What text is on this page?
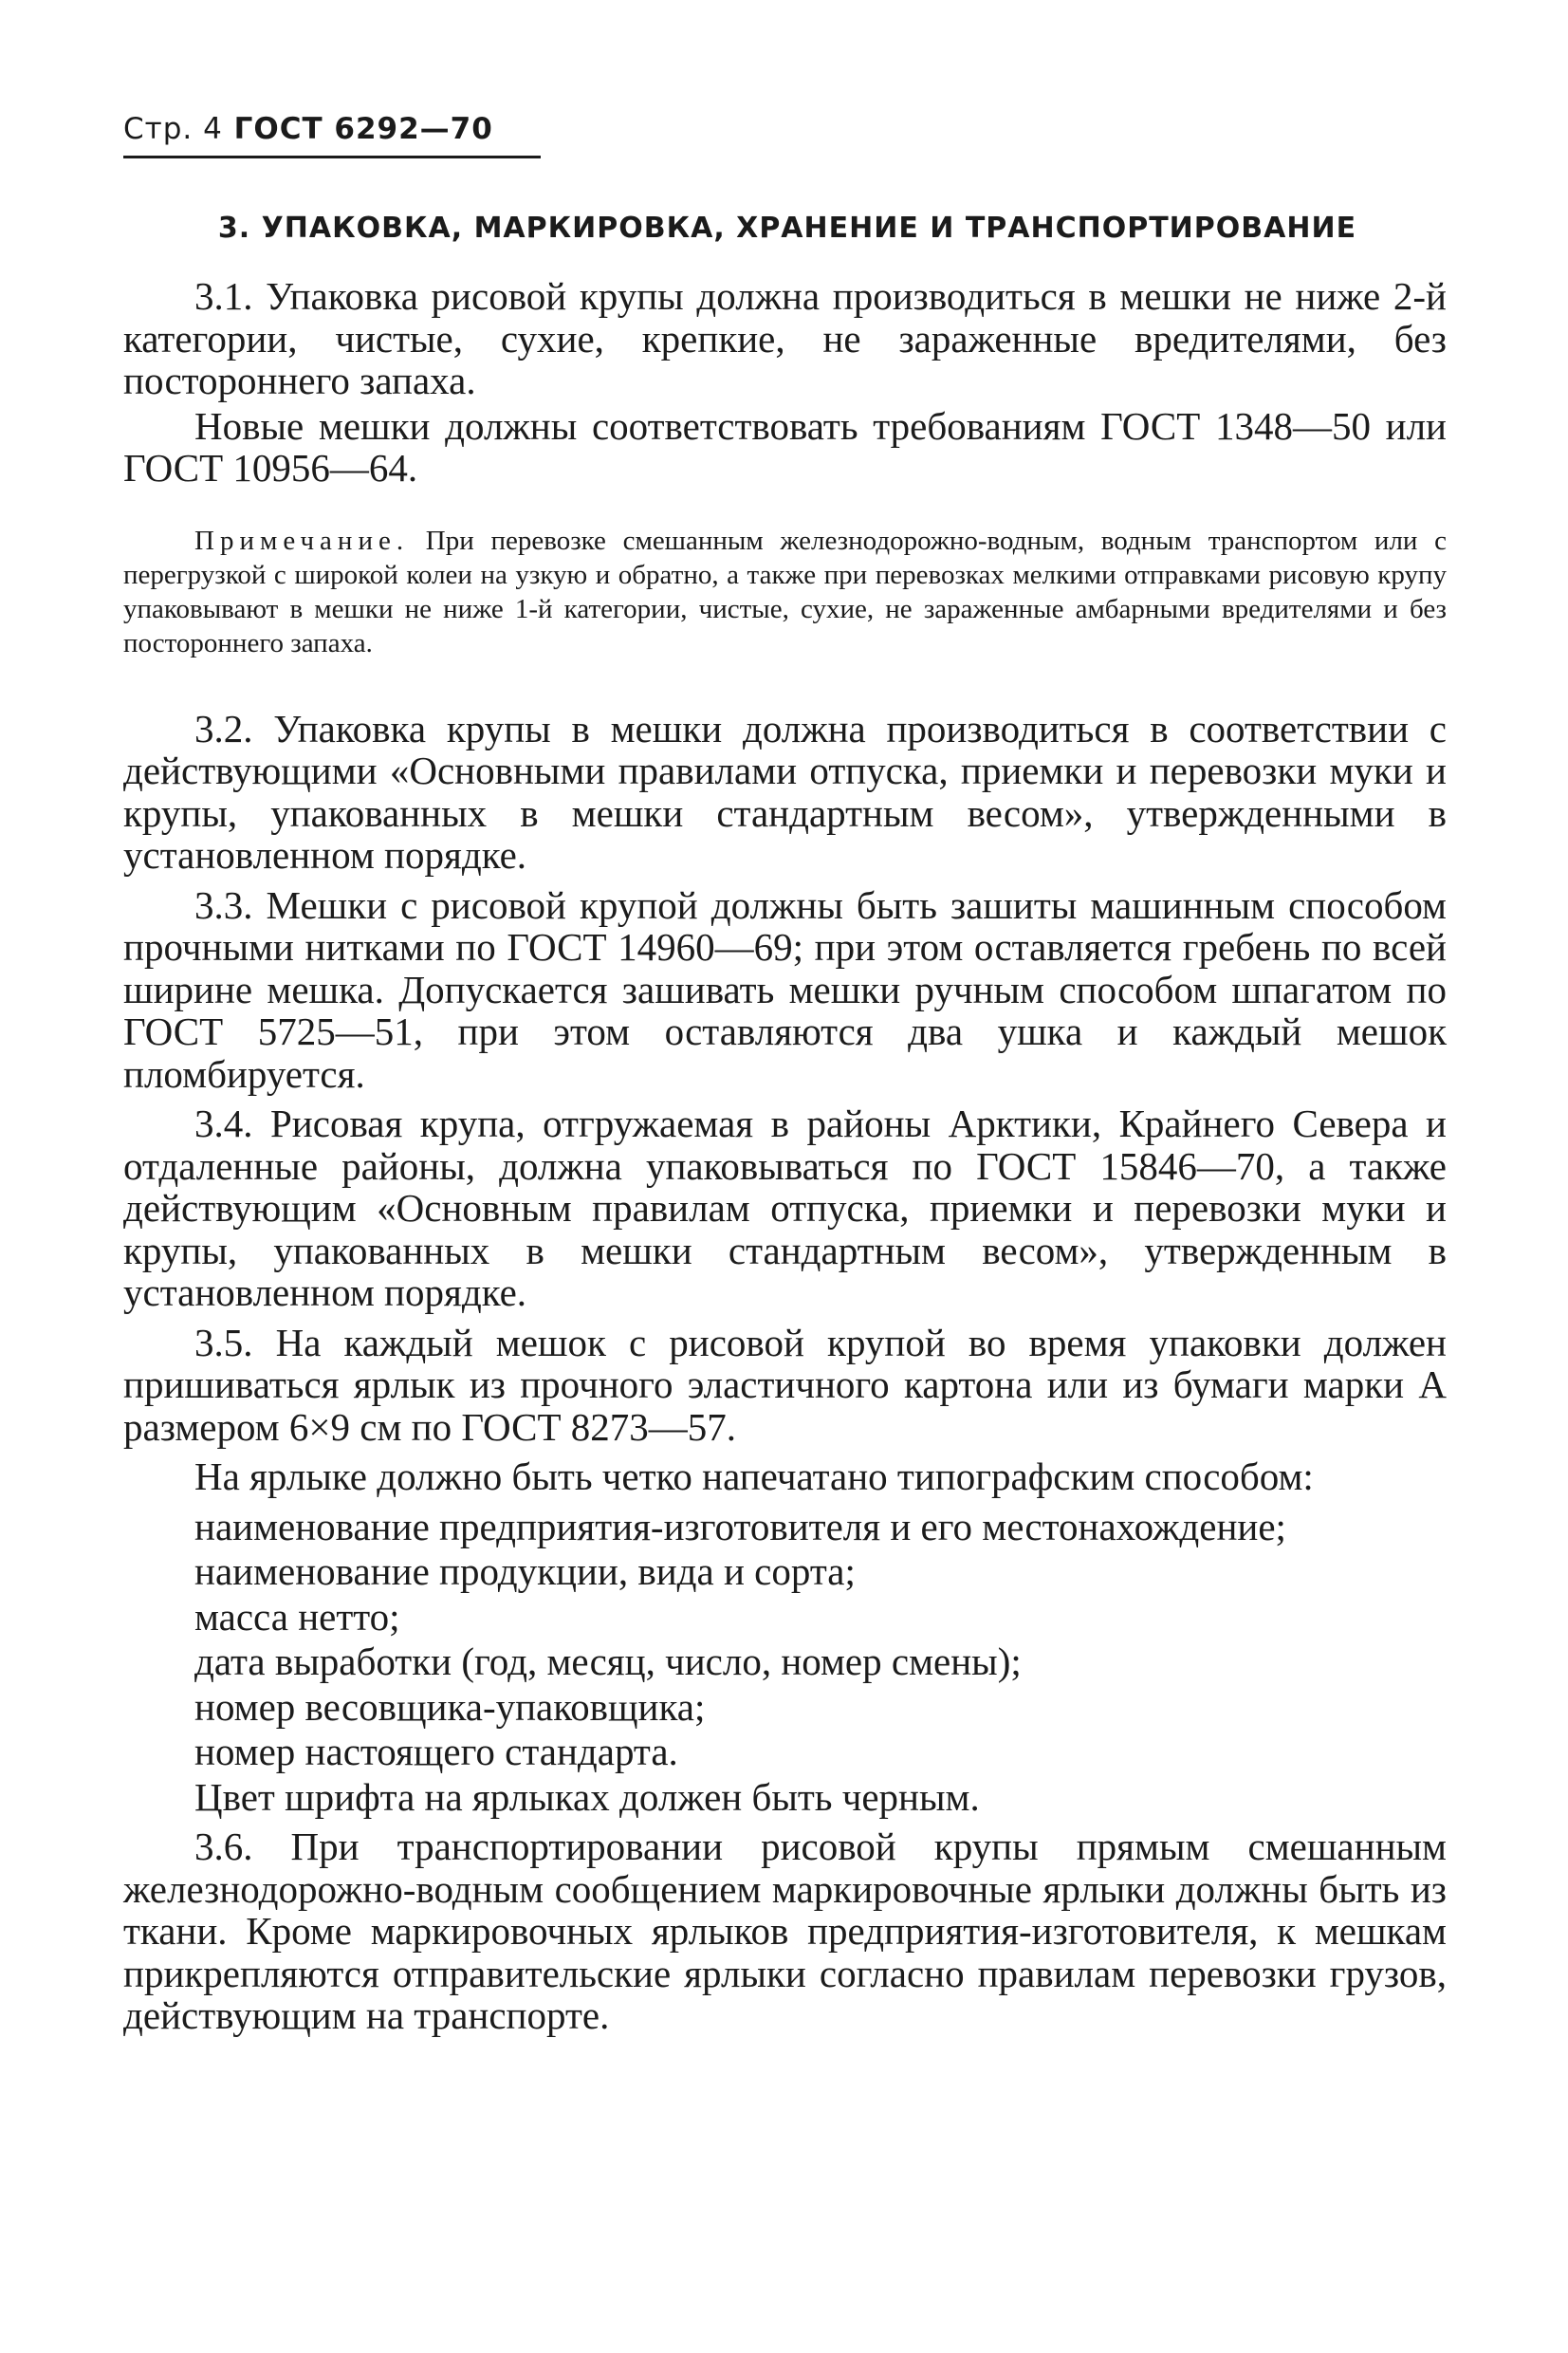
Стр. 4 ГОСТ 6292—70
3. УПАКОВКА, МАРКИРОВКА, ХРАНЕНИЕ И ТРАНСПОРТИРОВАНИЕ

3.1. Упаковка рисовой крупы должна производиться в мешки не ниже 2-й категории, чистые, сухие, крепкие, не зараженные вредителями, без постороннего запаха.

Новые мешки должны соответствовать требованиям ГОСТ 1348—50 или ГОСТ 10956—64.

Примечание. При перевозке смешанным железнодорожно-водным, водным транспортом или с перегрузкой с широкой колеи на узкую и обратно, а также при перевозках мелкими отправками рисовую крупу упаковывают в мешки не ниже 1-й категории, чистые, сухие, не зараженные амбарными вредителями и без постороннего запаха.

3.2. Упаковка крупы в мешки должна производиться в соответствии с действующими «Основными правилами отпуска, приемки и перевозки муки и крупы, упакованных в мешки стандартным весом», утвержденными в установленном порядке.

3.3. Мешки с рисовой крупой должны быть зашиты машинным способом прочными нитками по ГОСТ 14960—69; при этом оставляется гребень по всей ширине мешка. Допускается зашивать мешки ручным способом шпагатом по ГОСТ 5725—51, при этом оставляются два ушка и каждый мешок пломбируется.

3.4. Рисовая крупа, отгружаемая в районы Арктики, Крайнего Севера и отдаленные районы, должна упаковываться по ГОСТ 15846—70, а также действующим «Основным правилам отпуска, приемки и перевозки муки и крупы, упакованных в мешки стандартным весом», утвержденным в установленном порядке.

3.5. На каждый мешок с рисовой крупой во время упаковки должен пришиваться ярлык из прочного эластичного картона или из бумаги марки А размером 6×9 см по ГОСТ 8273—57.

На ярлыке должно быть четко напечатано типографским способом:

наименование предприятия-изготовителя и его местонахождение;

наименование продукции, вида и сорта;

масса нетто;

дата выработки (год, месяц, число, номер смены);

номер весовщика-упаковщика;

номер настоящего стандарта.

Цвет шрифта на ярлыках должен быть черным.

3.6. При транспортировании рисовой крупы прямым смешанным железнодорожно-водным сообщением маркировочные ярлыки должны быть из ткани. Кроме маркировочных ярлыков предприятия-изготовителя, к мешкам прикрепляются отправительские ярлыки согласно правилам перевозки грузов, действующим на транспорте.
